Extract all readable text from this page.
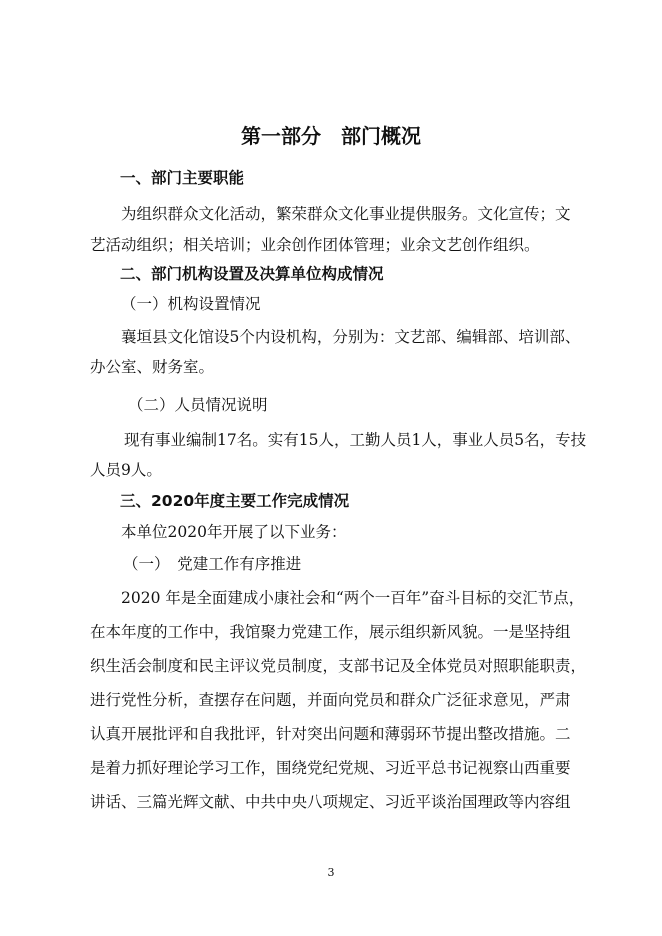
第一部分　部门概况
一、部门主要职能
为组织群众文化活动，繁荣群众文化事业提供服务。文化宣传；文
艺活动组织；相关培训；业余创作团体管理；业余文艺创作组织。
二、部门机构设置及决算单位构成情况
（一）机构设置情况
襄垣县文化馆设5个内设机构，分别为：文艺部、编辑部、培训部、
办公室、财务室。
（二）人员情况说明
现有事业编制17名。实有15人，工勤人员1人，事业人员5名，专技
人员9人。
三、2020年度主要工作完成情况
本单位2020年开展了以下业务：
（一）　党建工作有序推进
2020 年是全面建成小康社会和“两个一百年”奋斗目标的交汇节点，
在本年度的工作中，我馆聚力党建工作，展示组织新风貌。一是坚持组
织生活会制度和民主评议党员制度，支部书记及全体党员对照职能职责，
进行党性分析，查摆存在问题，并面向党员和群众广泛征求意见，严肃
认真开展批评和自我批评，针对突出问题和薄弱环节提出整改措施。二
是着力抓好理论学习工作，围绕党纪党规、习近平总书记视察山西重要
讲话、三篇光辉文献、中共中央八项规定、习近平谈治国理政等内容组
3
